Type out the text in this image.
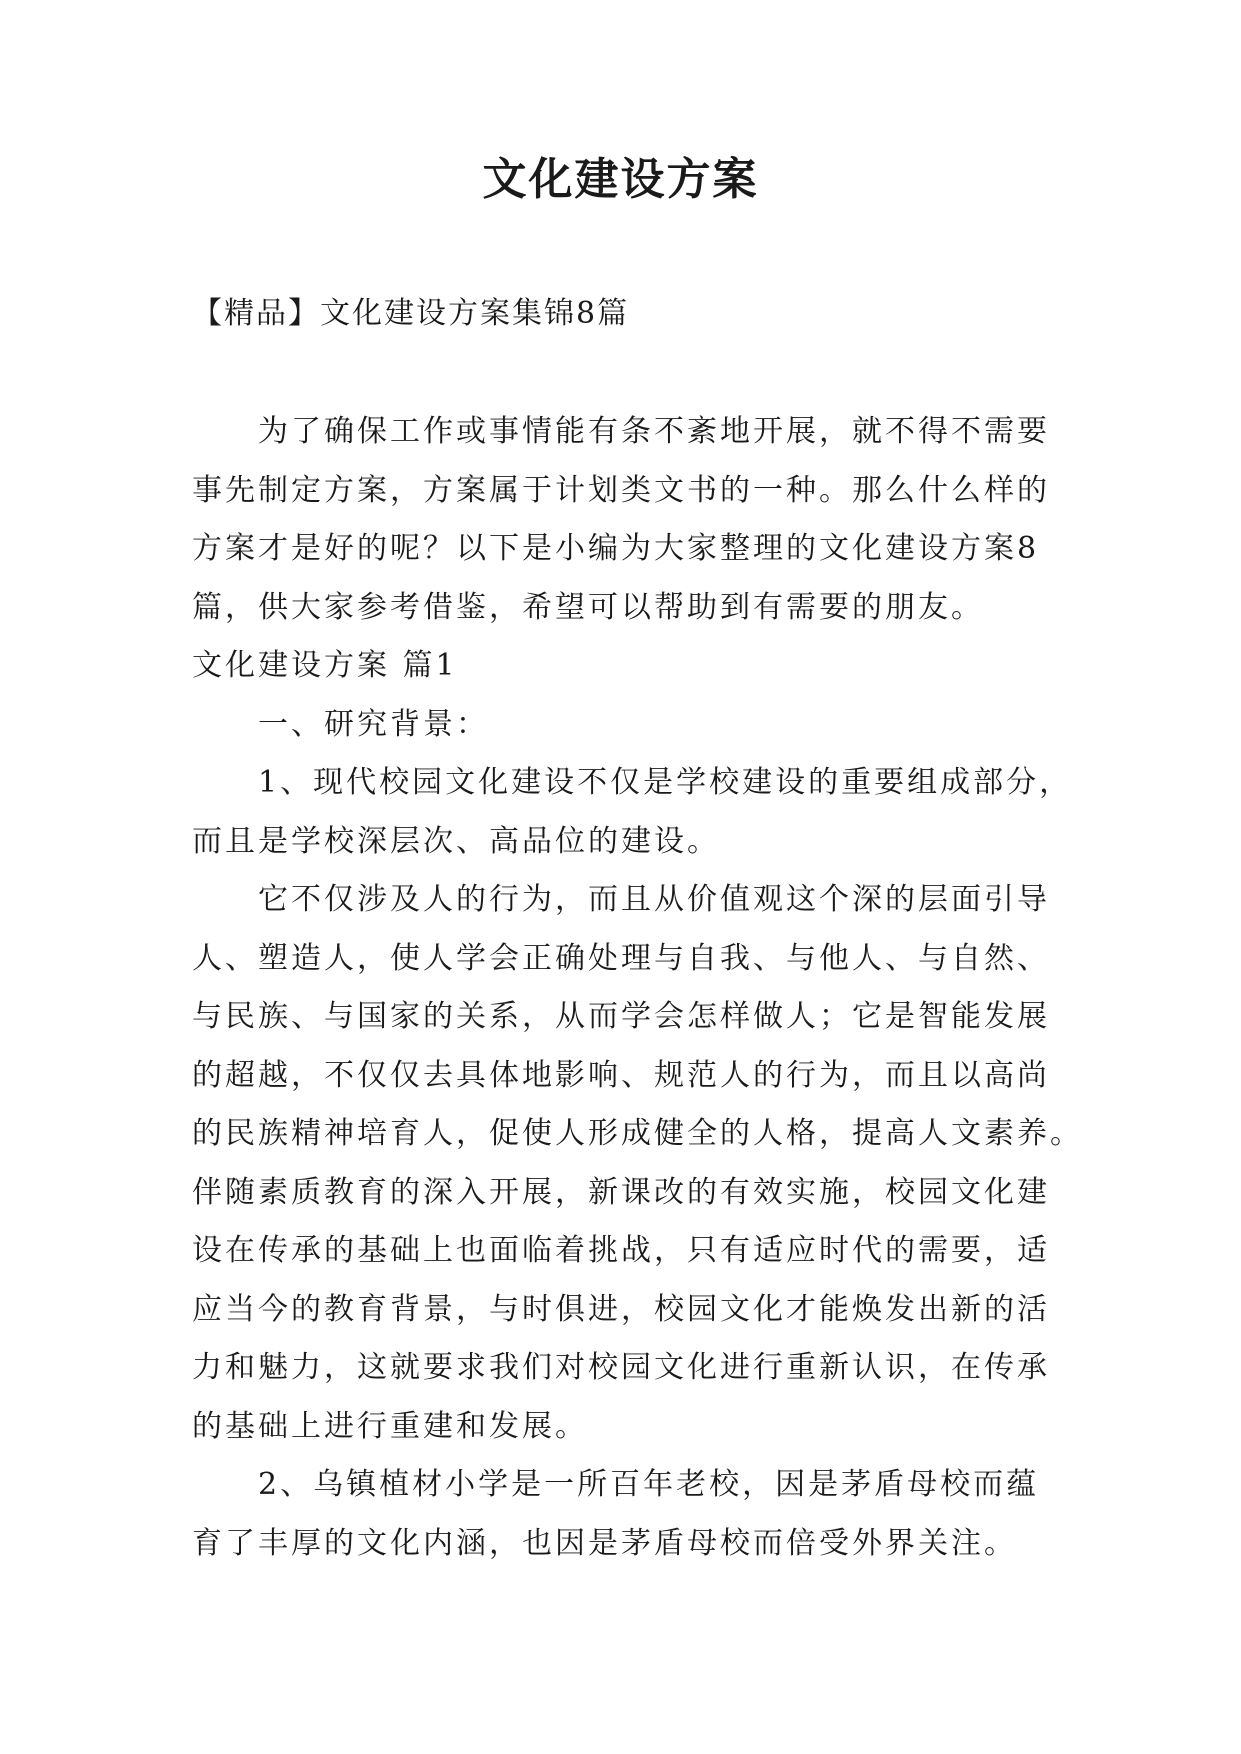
文化建设方案
【精品】文化建设方案集锦8篇
为了确保工作或事情能有条不紊地开展，就不得不需要
事先制定方案，方案属于计划类文书的一种。那么什么样的
方案才是好的呢？以下是小编为大家整理的文化建设方案8
篇，供大家参考借鉴，希望可以帮助到有需要的朋友。
文化建设方案 篇1
一、研究背景：
1、现代校园文化建设不仅是学校建设的重要组成部分，
而且是学校深层次、高品位的建设。
它不仅涉及人的行为，而且从价值观这个深的层面引导
人、塑造人，使人学会正确处理与自我、与他人、与自然、
与民族、与国家的关系，从而学会怎样做人；它是智能发展
的超越，不仅仅去具体地影响、规范人的行为，而且以高尚
的民族精神培育人，促使人形成健全的人格，提高人文素养。
伴随素质教育的深入开展，新课改的有效实施，校园文化建
设在传承的基础上也面临着挑战，只有适应时代的需要，适
应当今的教育背景，与时俱进，校园文化才能焕发出新的活
力和魅力，这就要求我们对校园文化进行重新认识，在传承
的基础上进行重建和发展。
2、乌镇植材小学是一所百年老校，因是茅盾母校而蕴
育了丰厚的文化内涵，也因是茅盾母校而倍受外界关注。
